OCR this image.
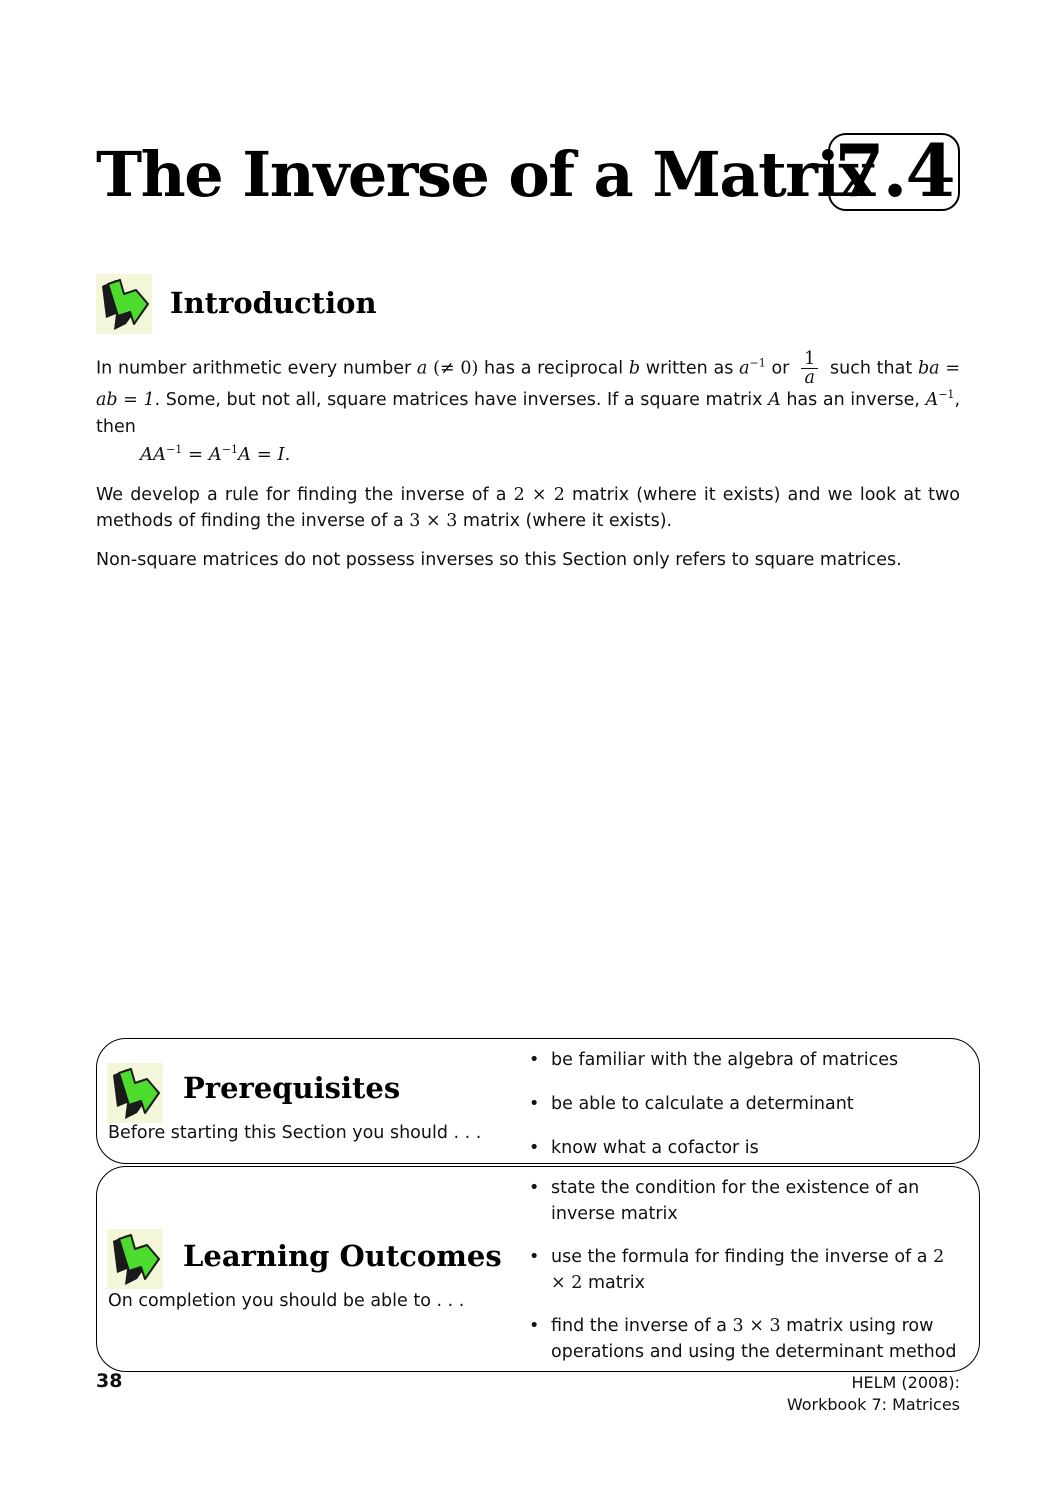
The Inverse of a Matrix
7.4
Introduction

In number arithmetic every number a (≠ 0) has a reciprocal b written as $a^{-1}$ or $\frac{1}{a}$ such that ba = ab = 1. Some, but not all, square matrices have inverses. If a square matrix A has an inverse, $A^{-1}$, then

$AA^{-1} = A^{-1}A = I$.

We develop a rule for finding the inverse of a 2 × 2 matrix (where it exists) and we look at two methods of finding the inverse of a 3 × 3 matrix (where it exists).

Non-square matrices do not possess inverses so this Section only refers to square matrices.

Prerequisites
Before starting this Section you should . . .
• be familiar with the algebra of matrices
• be able to calculate a determinant
• know what a cofactor is
Learning Outcomes
On completion you should be able to . . .
• state the condition for the existence of an inverse matrix
• use the formula for finding the inverse of a 2 × 2 matrix
• find the inverse of a 3 × 3 matrix using row operations and using the determinant method
38	HELM (2008):
Workbook 7: Matrices
